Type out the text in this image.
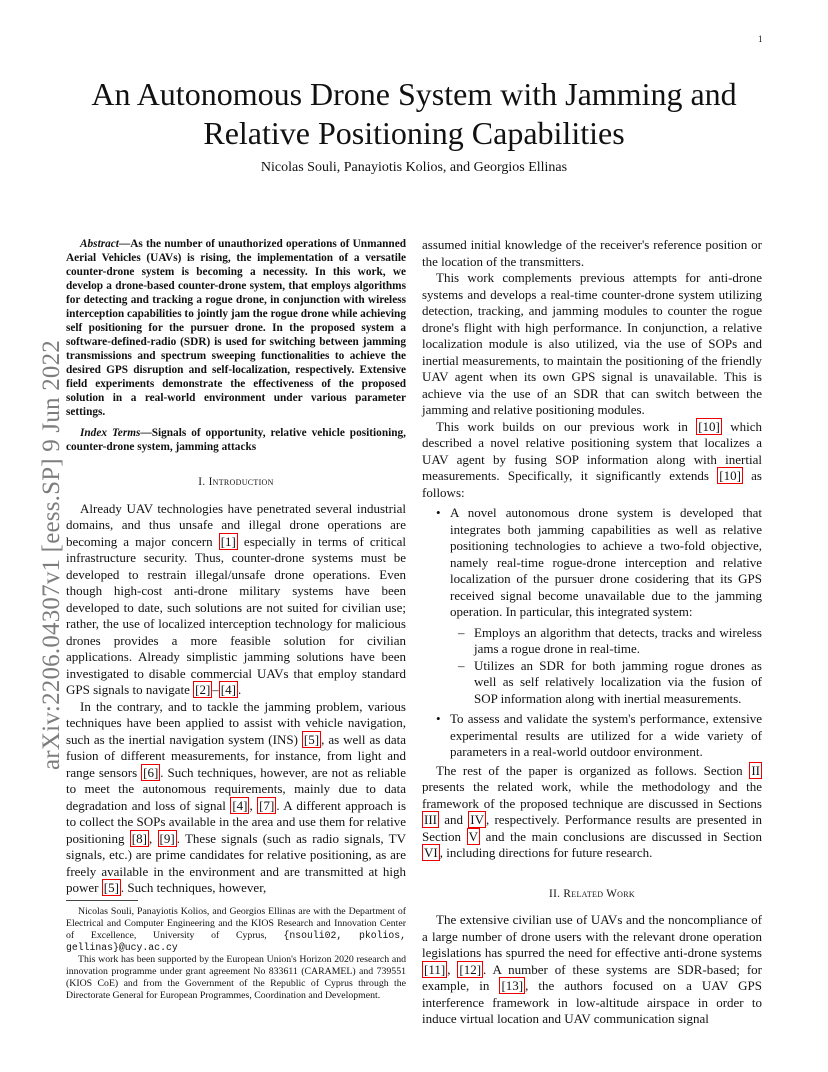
1
arXiv:2206.04307v1 [eess.SP] 9 Jun 2022
An Autonomous Drone System with Jamming and
Relative Positioning Capabilities
Nicolas Souli, Panayiotis Kolios, and Georgios Ellinas

Abstract—As the number of unauthorized operations of Unmanned Aerial Vehicles (UAVs) is rising, the implementation of a versatile counter-drone system is becoming a necessity. In this work, we develop a drone-based counter-drone system, that employs algorithms for detecting and tracking a rogue drone, in conjunction with wireless interception capabilities to jointly jam the rogue drone while achieving self positioning for the pursuer drone. In the proposed system a software-defined-radio (SDR) is used for switching between jamming transmissions and spectrum sweeping functionalities to achieve the desired GPS disruption and self-localization, respectively. Extensive field experiments demonstrate the effectiveness of the proposed solution in a real-world environment under various parameter settings.

Index Terms—Signals of opportunity, relative vehicle positioning, counter-drone system, jamming attacks

I. Introduction

Already UAV technologies have penetrated several industrial domains, and thus unsafe and illegal drone operations are becoming a major concern [1] especially in terms of critical infrastructure security. Thus, counter-drone systems must be developed to restrain illegal/unsafe drone operations. Even though high-cost anti-drone military systems have been developed to date, such solutions are not suited for civilian use; rather, the use of localized interception technology for malicious drones provides a more feasible solution for civilian applications. Already simplistic jamming solutions have been investigated to disable commercial UAVs that employ standard GPS signals to navigate [2] – [4] .

In the contrary, and to tackle the jamming problem, various techniques have been applied to assist with vehicle navigation, such as the inertial navigation system (INS) [5] , as well as data fusion of different measurements, for instance, from light and range sensors [6] . Such techniques, however, are not as reliable to meet the autonomous requirements, mainly due to data degradation and loss of signal [4] , [7] . A different approach is to collect the SOPs available in the area and use them for relative positioning [8] , [9] . These signals (such as radio signals, TV signals, etc.) are prime candidates for relative positioning, as are freely available in the environment and are transmitted at high power [5] . Such techniques, however,

Nicolas Souli, Panayiotis Kolios, and Georgios Ellinas are with the Department of Electrical and Computer Engineering and the KIOS Research and Innovation Center of Excellence, University of Cyprus, {nsouli02, pkolios, gellinas}@ucy.ac.cy

This work has been supported by the European Union's Horizon 2020 research and innovation programme under grant agreement No 833611 (CARAMEL) and 739551 (KIOS CoE) and from the Government of the Republic of Cyprus through the Directorate General for European Programmes, Coordination and Development.

assumed initial knowledge of the receiver's reference position or the location of the transmitters.

This work complements previous attempts for anti-drone systems and develops a real-time counter-drone system utilizing detection, tracking, and jamming modules to counter the rogue drone's flight with high performance. In conjunction, a relative localization module is also utilized, via the use of SOPs and inertial measurements, to maintain the positioning of the friendly UAV agent when its own GPS signal is unavailable. This is achieve via the use of an SDR that can switch between the jamming and relative positioning modules.

This work builds on our previous work in [10] which described a novel relative positioning system that localizes a UAV agent by fusing SOP information along with inertial measurements. Specifically, it significantly extends [10] as follows:

• A novel autonomous drone system is developed that integrates both jamming capabilities as well as relative positioning technologies to achieve a two-fold objective, namely real-time rogue-drone interception and relative localization of the pursuer drone cosidering that its GPS received signal become unavailable due to the jamming operation. In particular, this integrated system:
– Employs an algorithm that detects, tracks and wireless jams a rogue drone in real-time.
– Utilizes an SDR for both jamming rogue drones as well as self relatively localization via the fusion of SOP information along with inertial measurements.
• To assess and validate the system's performance, extensive experimental results are utilized for a wide variety of parameters in a real-world outdoor environment.

The rest of the paper is organized as follows. Section II presents the related work, while the methodology and the framework of the proposed technique are discussed in Sections III and IV , respectively. Performance results are presented in Section V and the main conclusions are discussed in Section VI , including directions for future research.

II. Related Work

The extensive civilian use of UAVs and the noncompliance of a large number of drone users with the relevant drone operation legislations has spurred the need for effective anti-drone systems [11] , [12] . A number of these systems are SDR-based; for example, in [13] , the authors focused on a UAV GPS interference framework in low-altitude airspace in order to induce virtual location and UAV communication signal
